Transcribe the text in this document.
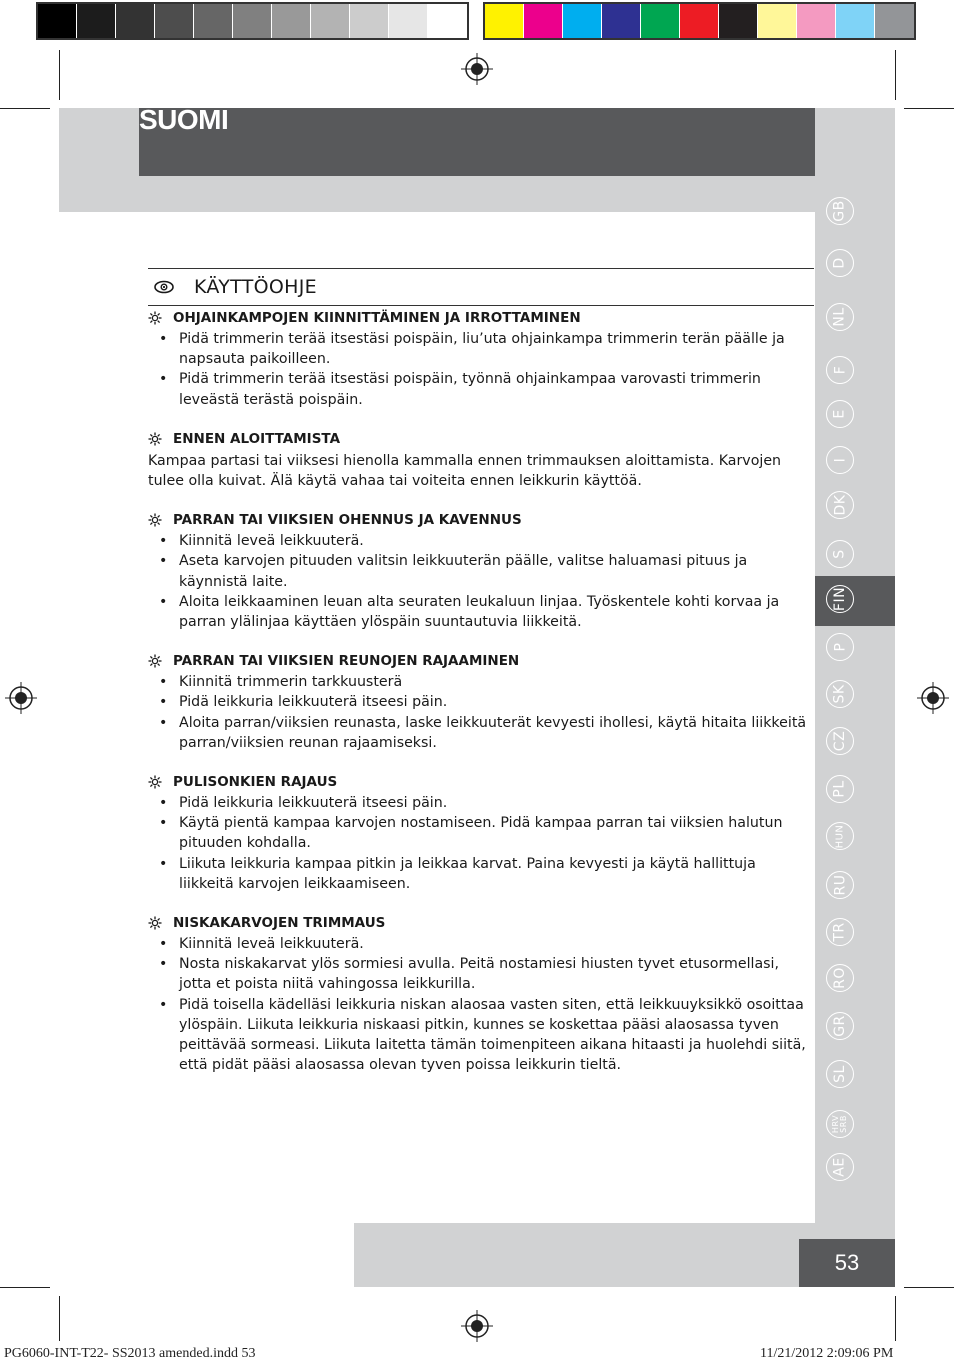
SUOMI
GB
D
NL
F
E
I
DK
S
FIN
P
SK
CZ
PL
HUN
RU
TR
RO
GR
SL
HRV SRB
AE
53
KÄYTTÖOHJE
OHJAINKAMPOJEN KIINNITTÄMINEN JA IRROTTAMINEN
• Pidä trimmerin terää itsestäsi poispäin, liu’uta ohjainkampa trimmerin terän päälle ja napsauta paikoilleen.
• Pidä trimmerin terää itsestäsi poispäin, työnnä ohjainkampaa varovasti trimmerin leveästä terästä poispäin.
ENNEN ALOITTAMISTA

Kampaa partasi tai viiksesi hienolla kammalla ennen trimmauksen aloittamista. Karvojen tulee olla kuivat. Älä käytä vahaa tai voiteita ennen leikkurin käyttöä.

PARRAN TAI VIIKSIEN OHENNUS JA KAVENNUS
• Kiinnitä leveä leikkuuterä.
• Aseta karvojen pituuden valitsin leikkuuterän päälle, valitse haluamasi pituus ja käynnistä laite.
• Aloita leikkaaminen leuan alta seuraten leukaluun linjaa. Työskentele kohti korvaa ja parran ylälinjaa käyttäen ylöspäin suuntautuvia liikkeitä.
PARRAN TAI VIIKSIEN REUNOJEN RAJAAMINEN
• Kiinnitä trimmerin tarkkuusterä
• Pidä leikkuria leikkuuterä itseesi päin.
• Aloita parran/viiksien reunasta, laske leikkuuterät kevyesti ihollesi, käytä hitaita liikkeitä parran/viiksien reunan rajaamiseksi.
PULISONKIEN RAJAUS
• Pidä leikkuria leikkuuterä itseesi päin.
• Käytä pientä kampaa karvojen nostamiseen. Pidä kampaa parran tai viiksien halutun pituuden kohdalla.
• Liikuta leikkuria kampaa pitkin ja leikkaa karvat. Paina kevyesti ja käytä hallittuja liikkeitä karvojen leikkaamiseen.
NISKAKARVOJEN TRIMMAUS
• Kiinnitä leveä leikkuuterä.
• Nosta niskakarvat ylös sormiesi avulla. Peitä nostamiesi hiusten tyvet etusormellasi, jotta et poista niitä vahingossa leikkurilla.
• Pidä toisella kädelläsi leikkuria niskan alaosaa vasten siten, että leikkuuyksikkö osoittaa ylöspäin. Liikuta leikkuria niskaasi pitkin, kunnes se koskettaa pääsi alaosassa tyven peittävää sormeasi. Liikuta laitetta tämän toimenpiteen aikana hitaasti ja huolehdi siitä, että pidät pääsi alaosassa olevan tyven poissa leikkurin tieltä.
PG6060-INT-T22- SS2013 amended.indd 53	11/21/2012 2:09:06 PM
